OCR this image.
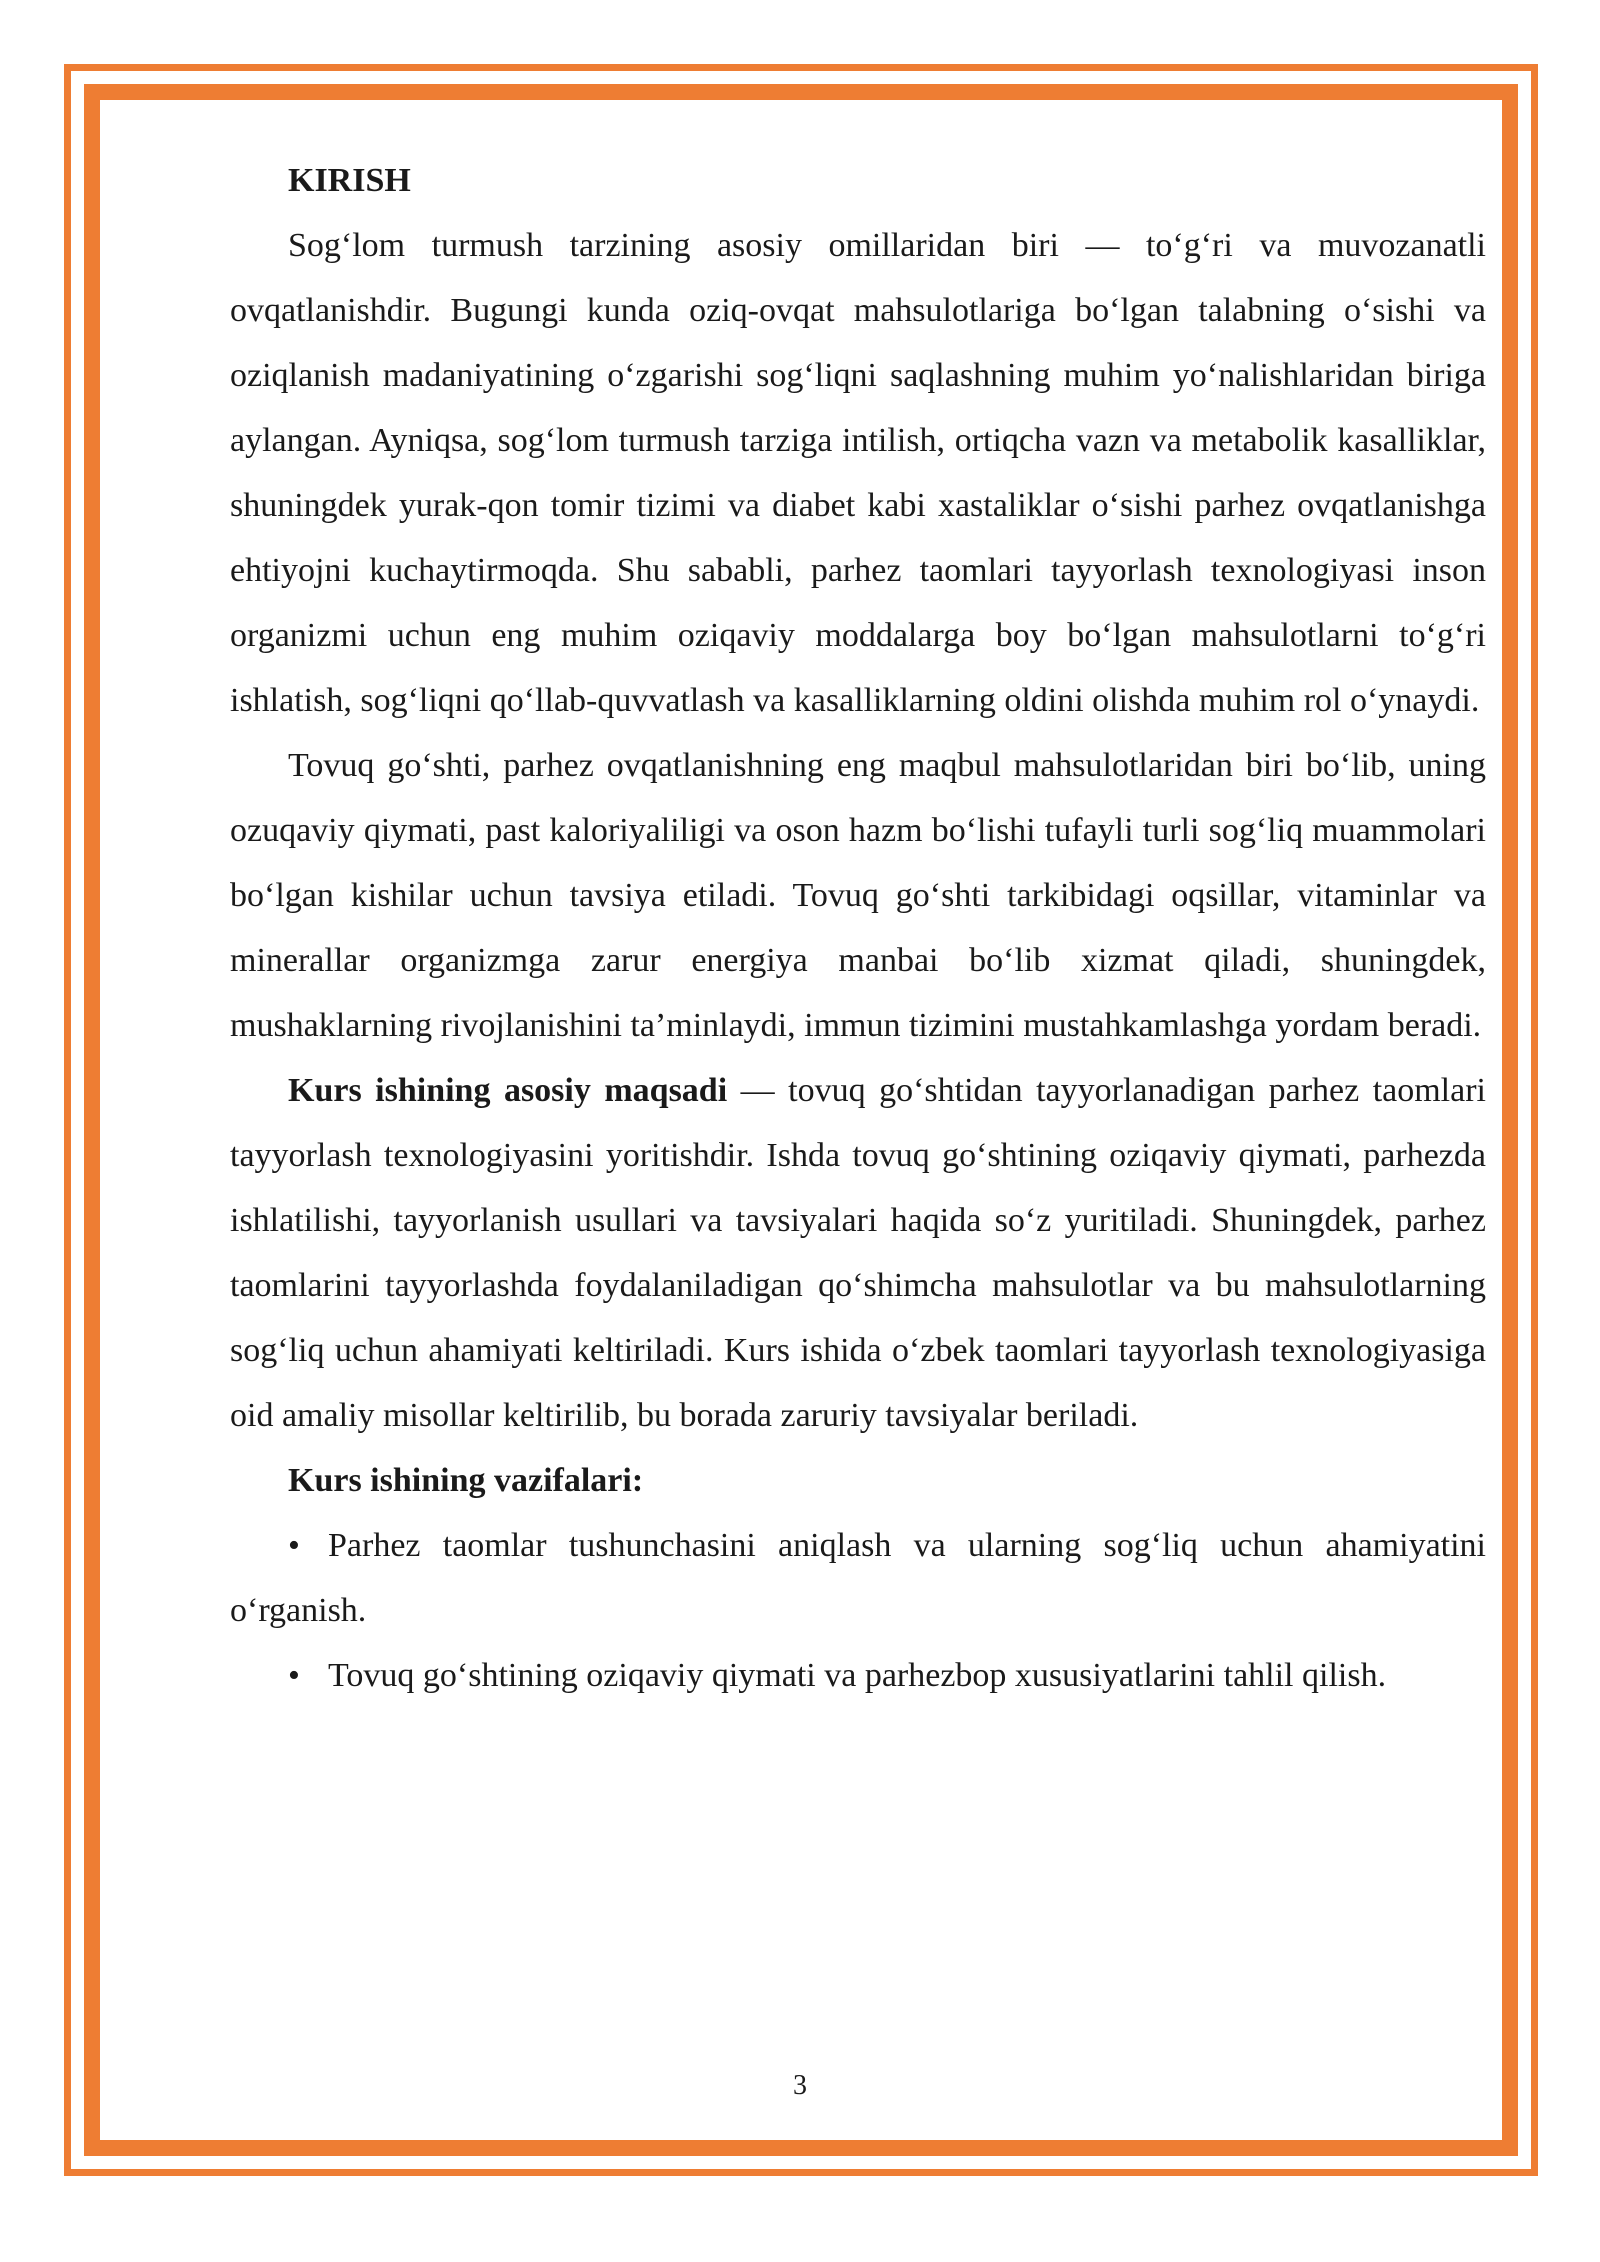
KIRISH

Sog‘lom turmush tarzining asosiy omillaridan biri — to‘g‘ri va muvozanatli ovqatlanishdir. Bugungi kunda oziq-ovqat mahsulotlariga bo‘lgan talabning o‘sishi va oziqlanish madaniyatining o‘zgarishi sog‘liqni saqlashning muhim yo‘nalishlaridan biriga aylangan. Ayniqsa, sog‘lom turmush tarziga intilish, ortiqcha vazn va metabolik kasalliklar, shuningdek yurak-qon tomir tizimi va diabet kabi xastaliklar o‘sishi parhez ovqatlanishga ehtiyojni kuchaytirmoqda. Shu sababli, parhez taomlari tayyorlash texnologiyasi inson organizmi uchun eng muhim oziqaviy moddalarga boy bo‘lgan mahsulotlarni to‘g‘ri ishlatish, sog‘liqni qo‘llab-quvvatlash va kasalliklarning oldini olishda muhim rol o‘ynaydi.

Tovuq go‘shti, parhez ovqatlanishning eng maqbul mahsulotlaridan biri bo‘lib, uning ozuqaviy qiymati, past kaloriyaliligi va oson hazm bo‘lishi tufayli turli sog‘liq muammolari bo‘lgan kishilar uchun tavsiya etiladi. Tovuq go‘shti tarkibidagi oqsillar, vitaminlar va minerallar organizmga zarur energiya manbai bo‘lib xizmat qiladi, shuningdek, mushaklarning rivojlanishini ta’minlaydi, immun tizimini mustahkamlashga yordam beradi.

Kurs ishining asosiy maqsadi — tovuq go‘shtidan tayyorlanadigan parhez taomlari tayyorlash texnologiyasini yoritishdir. Ishda tovuq go‘shtining oziqaviy qiymati, parhezda ishlatilishi, tayyorlanish usullari va tavsiyalari haqida so‘z yuritiladi. Shuningdek, parhez taomlarini tayyorlashda foydalaniladigan qo‘shimcha mahsulotlar va bu mahsulotlarning sog‘liq uchun ahamiyati keltiriladi. Kurs ishida o‘zbek taomlari tayyorlash texnologiyasiga oid amaliy misollar keltirilib, bu borada zaruriy tavsiyalar beriladi.

Kurs ishining vazifalari:

• Parhez taomlar tushunchasini aniqlash va ularning sog‘liq uchun ahamiyatini o‘rganish.

• Tovuq go‘shtining oziqaviy qiymati va parhezbop xususiyatlarini tahlil qilish.

3
